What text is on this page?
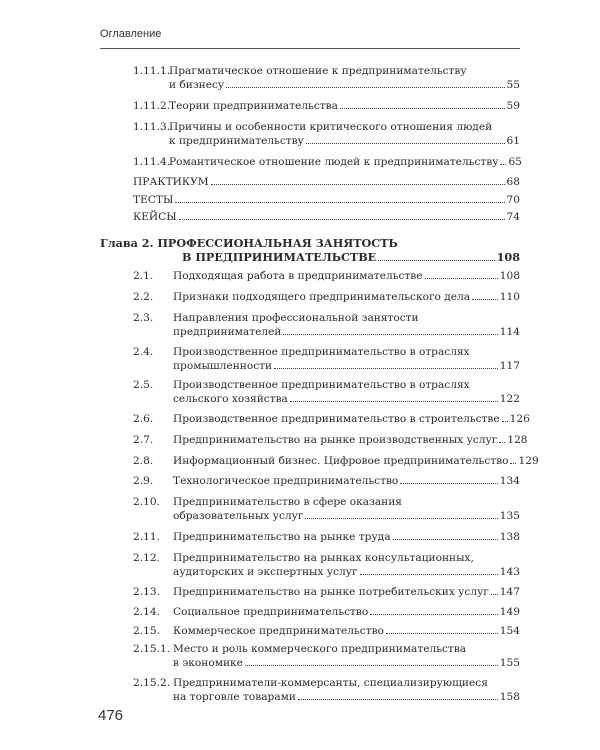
Оглавление
1.11.1.
Прагматическое отношение к предпринимательству
и бизнесу	55
1.11.2.
Теории предпринимательства	59
1.11.3.
Причины и особенности критического отношения людей
к предпринимательству	61
1.11.4.
Романтическое отношение людей к предпринимательству 65
ПРАКТИКУМ	68
ТЕСТЫ	70
КЕЙСЫ	74
Глава 2. ПРОФЕССИОНАЛЬНАЯ ЗАНЯТОСТЬ
В ПРЕДПРИНИМАТЕЛЬСТВЕ	108
2.1. Подходящая работа в предпринимательстве	108
2.2. Признаки подходящего предпринимательского дела	110
2.3. Направления профессиональной занятости
предпринимателей	114
2.4. Производственное предпринимательство в отраслях
промышленности	117
2.5. Производственное предпринимательство в отраслях
сельского хозяйства	122
2.6. Производственное предпринимательство в строительстве 126
2.7. Предпринимательство на рынке производственных услуг 128
2.8. Информационный бизнес. Цифровое предпринимательство 129
2.9. Технологическое предпринимательство	134
2.10. Предпринимательство в сфере оказания
образовательных услуг	135
2.11. Предпринимательство на рынке труда	138
2.12. Предпринимательство на рынках консультационных,
аудиторских и экспертных услуг	143
2.13. Предпринимательство на рынке потребительских услуг 147
2.14. Социальное предпринимательство	149
2.15. Коммерческое предпринимательство	154
2.15.1. Место и роль коммерческого предпринимательства
в экономике	155
2.15.2. Предприниматели-коммерсанты, специализирующиеся
на торговле товарами	158
476
